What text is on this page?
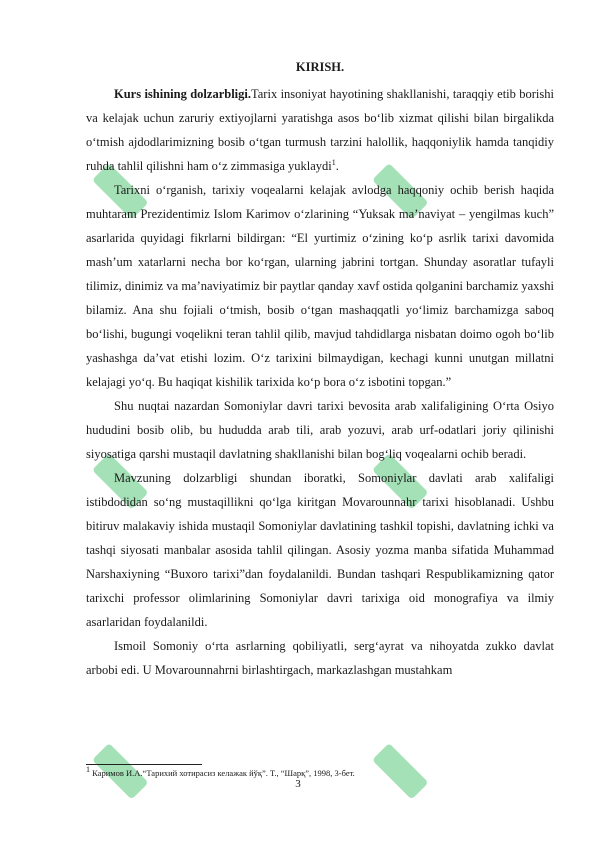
KIRISH.

Kurs ishining dolzarbligi.Tarix insoniyat hayotining shakllanishi, taraqqiy etib borishi va kelajak uchun zaruriy extiyojlarni yaratishga asos bo‘lib xizmat qilishi bilan birgalikda o‘tmish ajdodlarimizning bosib o‘tgan turmush tarzini halollik, haqqoniylik hamda tanqidiy ruhda tahlil qilishni ham o‘z zimmasiga yuklaydi$^1$.

Tarixni o‘rganish, tarixiy voqealarni kelajak avlodga haqqoniy ochib berish haqida muhtaram Prezidentimiz Islom Karimov o‘zlarining “Yuksak ma’naviyat – yengilmas kuch” asarlarida quyidagi fikrlarni bildirgan: “El yurtimiz o‘zining ko‘p asrlik tarixi davomida mash’um xatarlarni necha bor ko‘rgan, ularning jabrini tortgan. Shunday asoratlar tufayli tilimiz, dinimiz va ma’naviyatimiz bir paytlar qanday xavf ostida qolganini barchamiz yaxshi bilamiz. Ana shu fojiali o‘tmish, bosib o‘tgan mashaqqatli yo‘limiz barchamizga saboq bo‘lishi, bugungi voqelikni teran tahlil qilib, mavjud tahdidlarga nisbatan doimo ogoh bo‘lib yashashga da’vat etishi lozim. O‘z tarixini bilmaydigan, kechagi kunni unutgan millatni kelajagi yo‘q. Bu haqiqat kishilik tarixida ko‘p bora o‘z isbotini topgan.”

Shu nuqtai nazardan Somoniylar davri tarixi bevosita arab xalifaligining O‘rta Osiyo hududini bosib olib, bu hududda arab tili, arab yozuvi, arab urf-odatlari joriy qilinishi siyosatiga qarshi mustaqil davlatning shakllanishi bilan bog‘liq voqealarni ochib beradi.

Mavzuning dolzarbligi shundan iboratki, Somoniylar davlati arab xalifaligi istibdodidan so‘ng mustaqillikni qo‘lga kiritgan Movarounnahr tarixi hisoblanadi. Ushbu bitiruv malakaviy ishida mustaqil Somoniylar davlatining tashkil topishi, davlatning ichki va tashqi siyosati manbalar asosida tahlil qilingan. Asosiy yozma manba sifatida Muhammad Narshaxiyning “Buxoro tarixi”dan foydalanildi. Bundan tashqari Respublikamizning qator tarixchi professor olimlarining Somoniylar davri tarixiga oid monografiya va ilmiy asarlaridan foydalanildi.

Ismoil Somoniy o‘rta asrlarning qobiliyatli, serg‘ayrat va nihoyatda zukko davlat arbobi edi. U Movarounnahrni birlashtirgach, markazlashgan mustahkam

$^1$ Каримов И.А.“Тарихий хотирасиз келажак йўқ”. Т., “Шарқ”, 1998, 3-бет.
3
